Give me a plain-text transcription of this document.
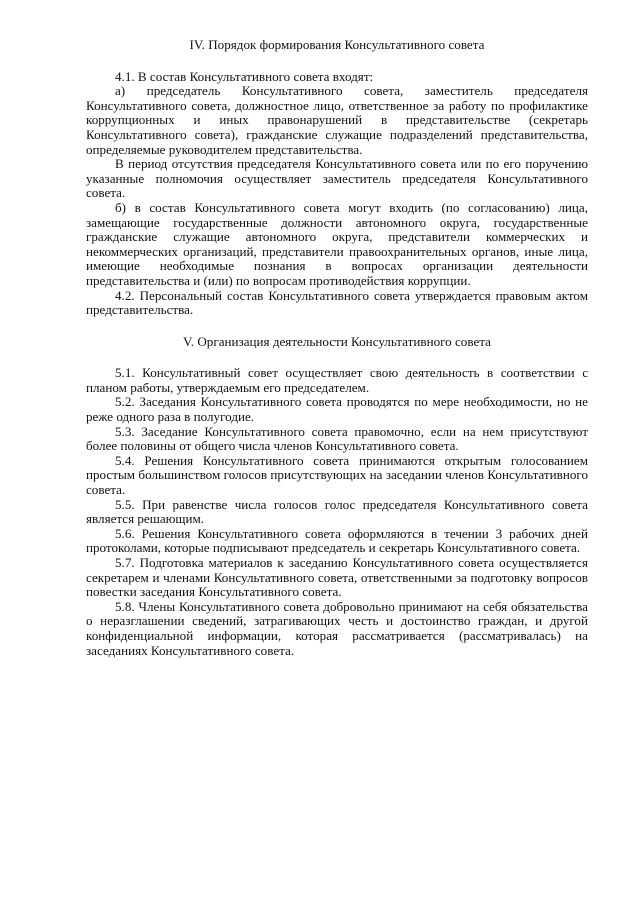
IV. Порядок формирования Консультативного совета

4.1. В состав Консультативного совета входят:

а) председатель Консультативного совета, заместитель председателя Консультативного совета, должностное лицо, ответственное за работу по профилактике коррупционных и иных правонарушений в представительстве (секретарь Консультативного совета), гражданские служащие подразделений представительства, определяемые руководителем представительства.

В период отсутствия председателя Консультативного совета или по его поручению указанные полномочия осуществляет заместитель председателя Консультативного совета.

б) в состав Консультативного совета могут входить (по согласованию) лица, замещающие государственные должности автономного округа, государственные гражданские служащие автономного округа, представители коммерческих и некоммерческих организаций, представители правоохранительных органов, иные лица, имеющие необходимые познания в вопросах организации деятельности представительства и (или) по вопросам противодействия коррупции.

4.2. Персональный состав Консультативного совета утверждается правовым актом представительства.

V. Организация деятельности Консультативного совета

5.1. Консультативный совет осуществляет свою деятельность в соответствии с планом работы, утверждаемым его председателем.

5.2. Заседания Консультативного совета проводятся по мере необходимости, но не реже одного раза в полугодие.

5.3. Заседание Консультативного совета правомочно, если на нем присутствуют более половины от общего числа членов Консультативного совета.

5.4. Решения Консультативного совета принимаются открытым голосованием простым большинством голосов присутствующих на заседании членов Консультативного совета.

5.5. При равенстве числа голосов голос председателя Консультативного совета является решающим.

5.6. Решения Консультативного совета оформляются в течении 3 рабочих дней протоколами, которые подписывают председатель и секретарь Консультативного совета.

5.7. Подготовка материалов к заседанию Консультативного совета осуществляется секретарем и членами Консультативного совета, ответственными за подготовку вопросов повестки заседания Консультативного совета.

5.8. Члены Консультативного совета добровольно принимают на себя обязательства о неразглашении сведений, затрагивающих честь и достоинство граждан, и другой конфиденциальной информации, которая рассматривается (рассматривалась) на заседаниях Консультативного совета.
